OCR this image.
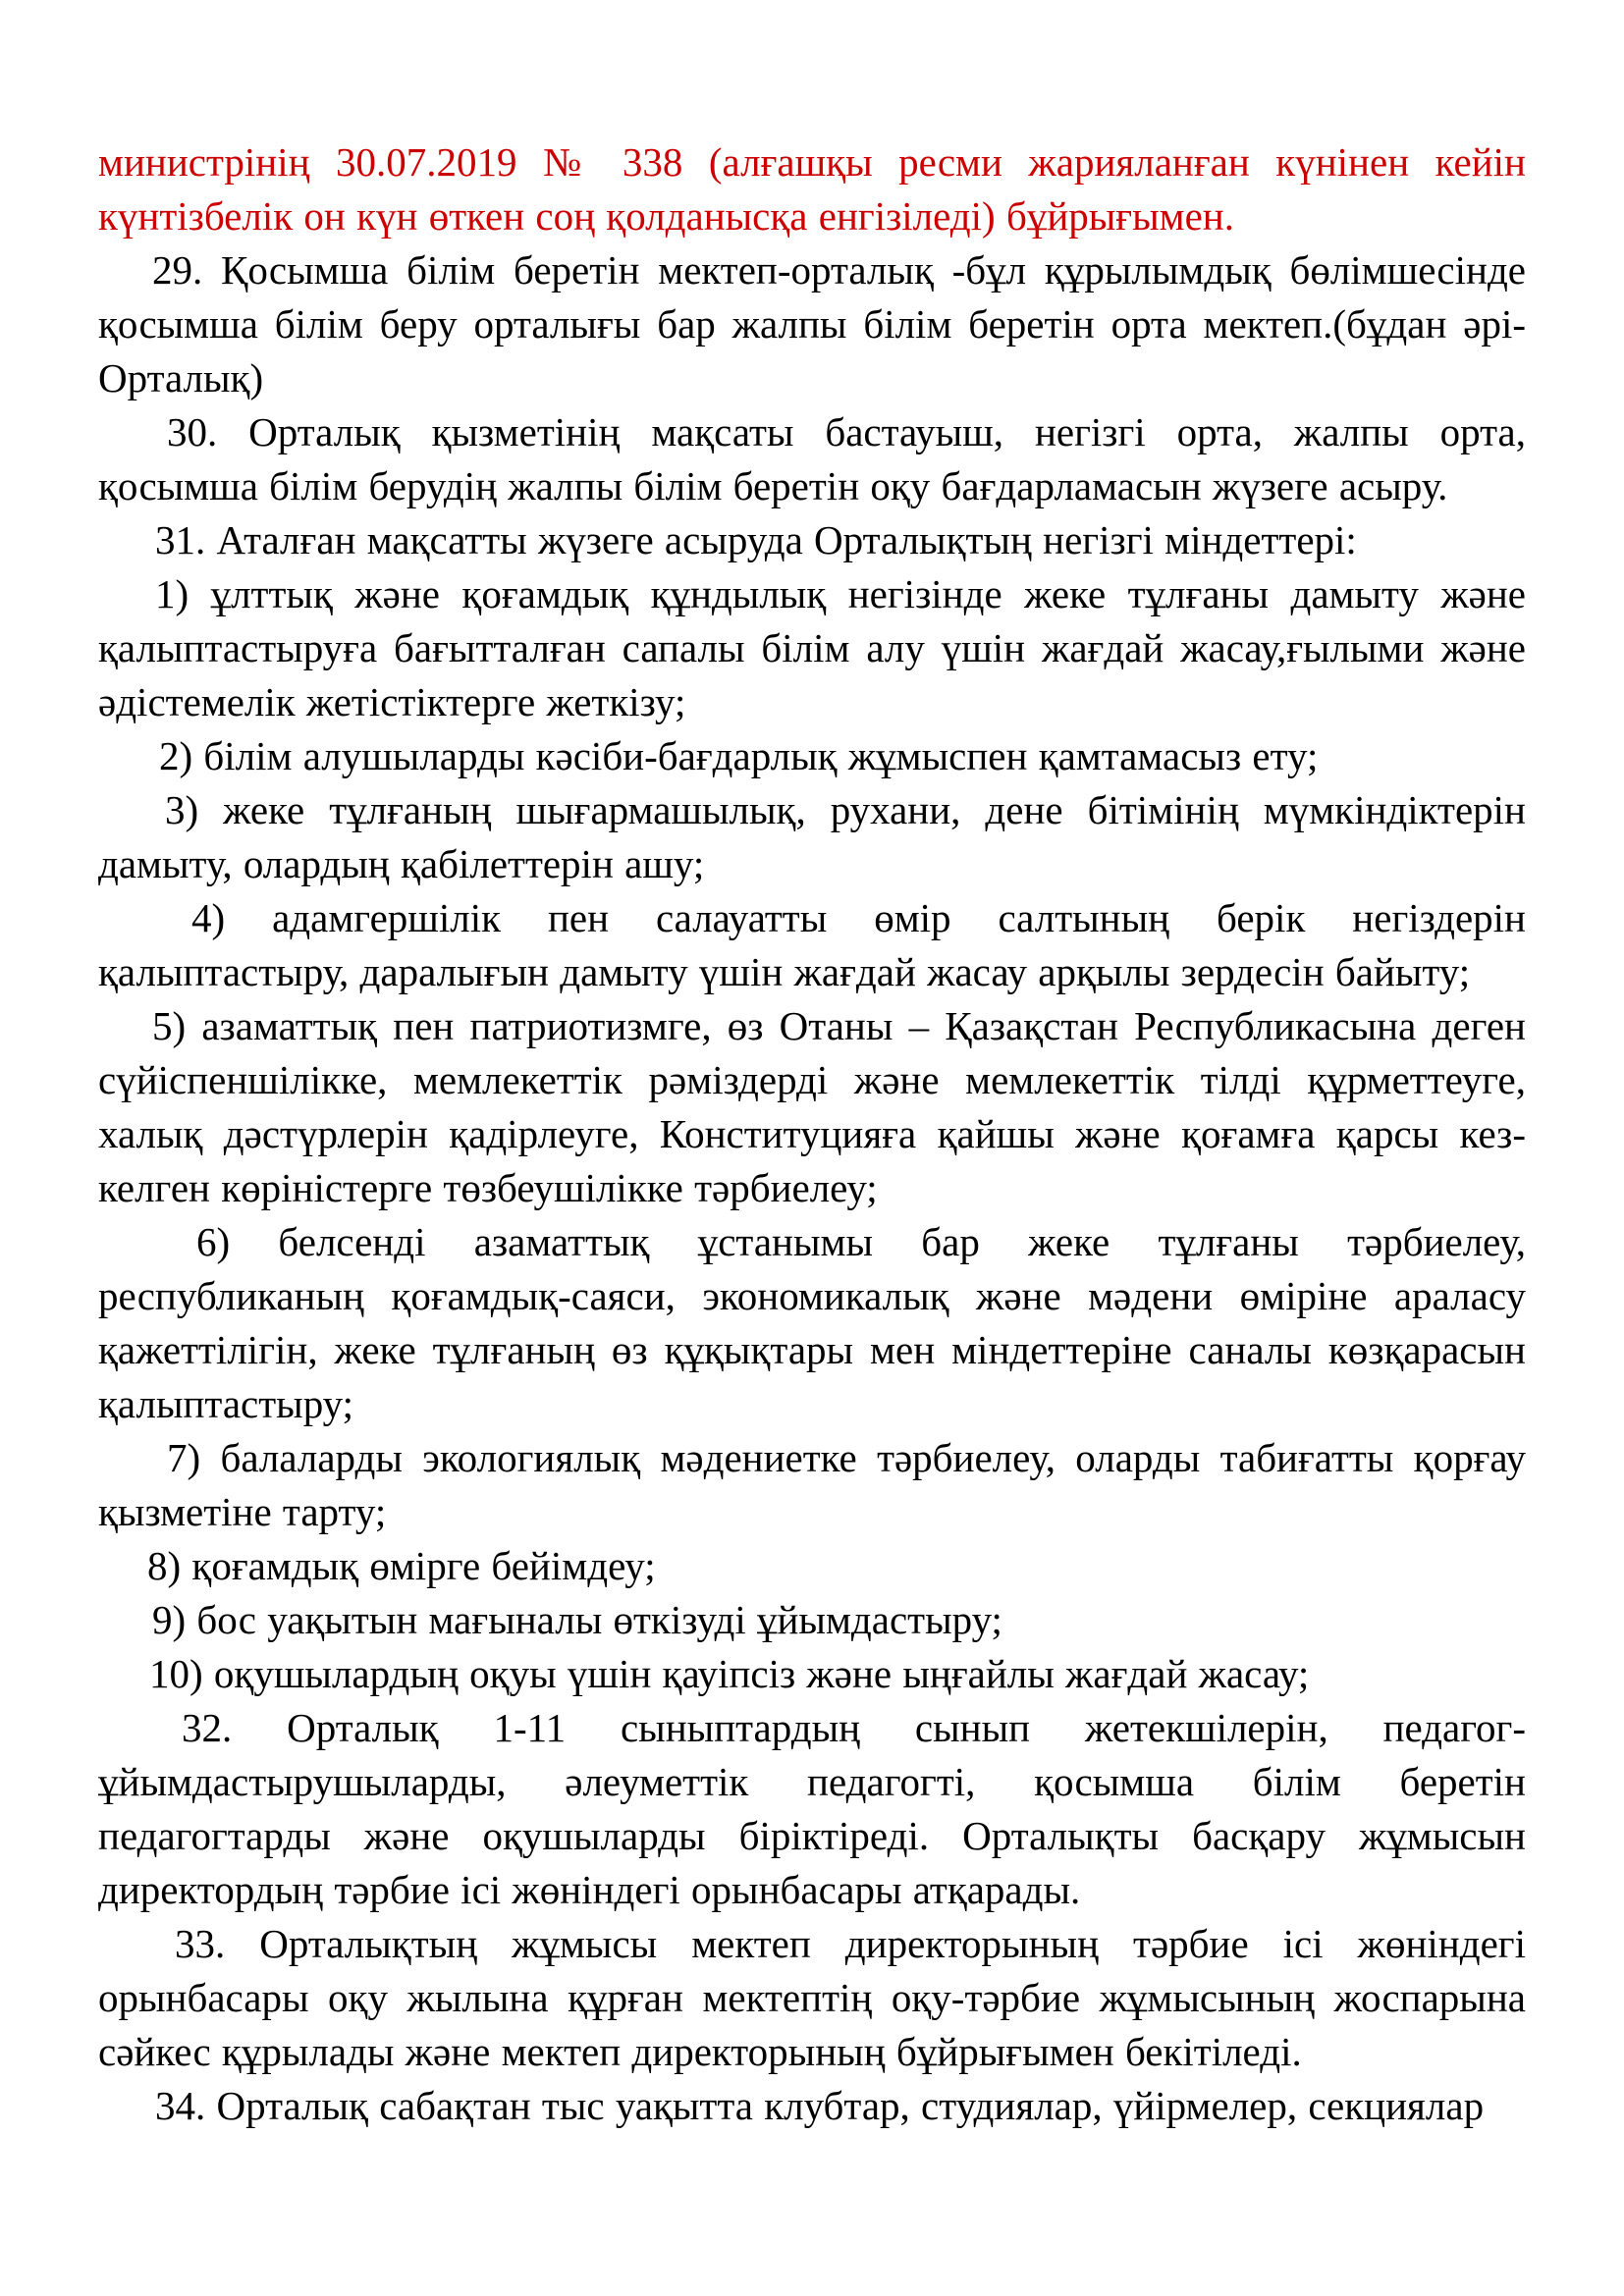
министрінің 30.07.2019 № 338 (алғашқы ресми жарияланған күнінен кейін күнтізбелік он күн өткен соң қолданысқа енгізіледі) бұйрығымен.

29. Қосымша білім беретін мектеп-орталық -бұл құрылымдық бөлімшесінде қосымша білім беру орталығы бар жалпы білім беретін орта мектеп.(бұдан әрі-Орталық)

30. Орталық қызметінің мақсаты бастауыш, негізгі орта, жалпы орта, қосымша білім берудің жалпы білім беретін оқу бағдарламасын жүзеге асыру.

31. Аталған мақсатты жүзеге асыруда Орталықтың негізгі міндеттері:

1) ұлттық және қоғамдық құндылық негізінде жеке тұлғаны дамыту және қалыптастыруға бағытталған сапалы білім алу үшін жағдай жасау,ғылыми және әдістемелік жетістіктерге жеткізу;

2) білім алушыларды кәсіби-бағдарлық жұмыспен қамтамасыз ету;

3) жеке тұлғаның шығармашылық, рухани, дене бітімінің мүмкіндіктерін дамыту, олардың қабілеттерін ашу;

4) адамгершілік пен салауатты өмір салтының берік негіздерін қалыптастыру, даралығын дамыту үшін жағдай жасау арқылы зердесін байыту;

5) азаматтық пен патриотизмге, өз Отаны – Қазақстан Республикасына деген сүйіспеншілікке, мемлекеттік рәміздерді және мемлекеттік тілді құрметтеуге, халық дәстүрлерін қадірлеуге, Конституцияға қайшы және қоғамға қарсы кез-келген көріністерге төзбеушілікке тәрбиелеу;

6) белсенді азаматтық ұстанымы бар жеке тұлғаны тәрбиелеу, республиканың қоғамдық-саяси, экономикалық және мәдени өміріне араласу қажеттілігін, жеке тұлғаның өз құқықтары мен міндеттеріне саналы көзқарасын қалыптастыру;

7) балаларды экологиялық мәдениетке тәрбиелеу, оларды табиғатты қорғау қызметіне тарту;

8) қоғамдық өмірге бейімдеу;

9) бос уақытын мағыналы өткізуді ұйымдастыру;

10) оқушылардың оқуы үшін қауіпсіз және ыңғайлы жағдай жасау;

32. Орталық 1-11 сыныптардың сынып жетекшілерін, педагог-ұйымдастырушыларды, әлеуметтік педагогті, қосымша білім беретін педагогтарды және оқушыларды біріктіреді. Орталықты басқару жұмысын директордың тәрбие ісі жөніндегі орынбасары атқарады.

33. Орталықтың жұмысы мектеп директорының тәрбие ісі жөніндегі орынбасары оқу жылына құрған мектептің оқу-тәрбие жұмысының жоспарына сәйкес құрылады және мектеп директорының бұйрығымен бекітіледі.

34. Орталық сабақтан тыс уақытта клубтар, студиялар, үйірмелер, секциялар
